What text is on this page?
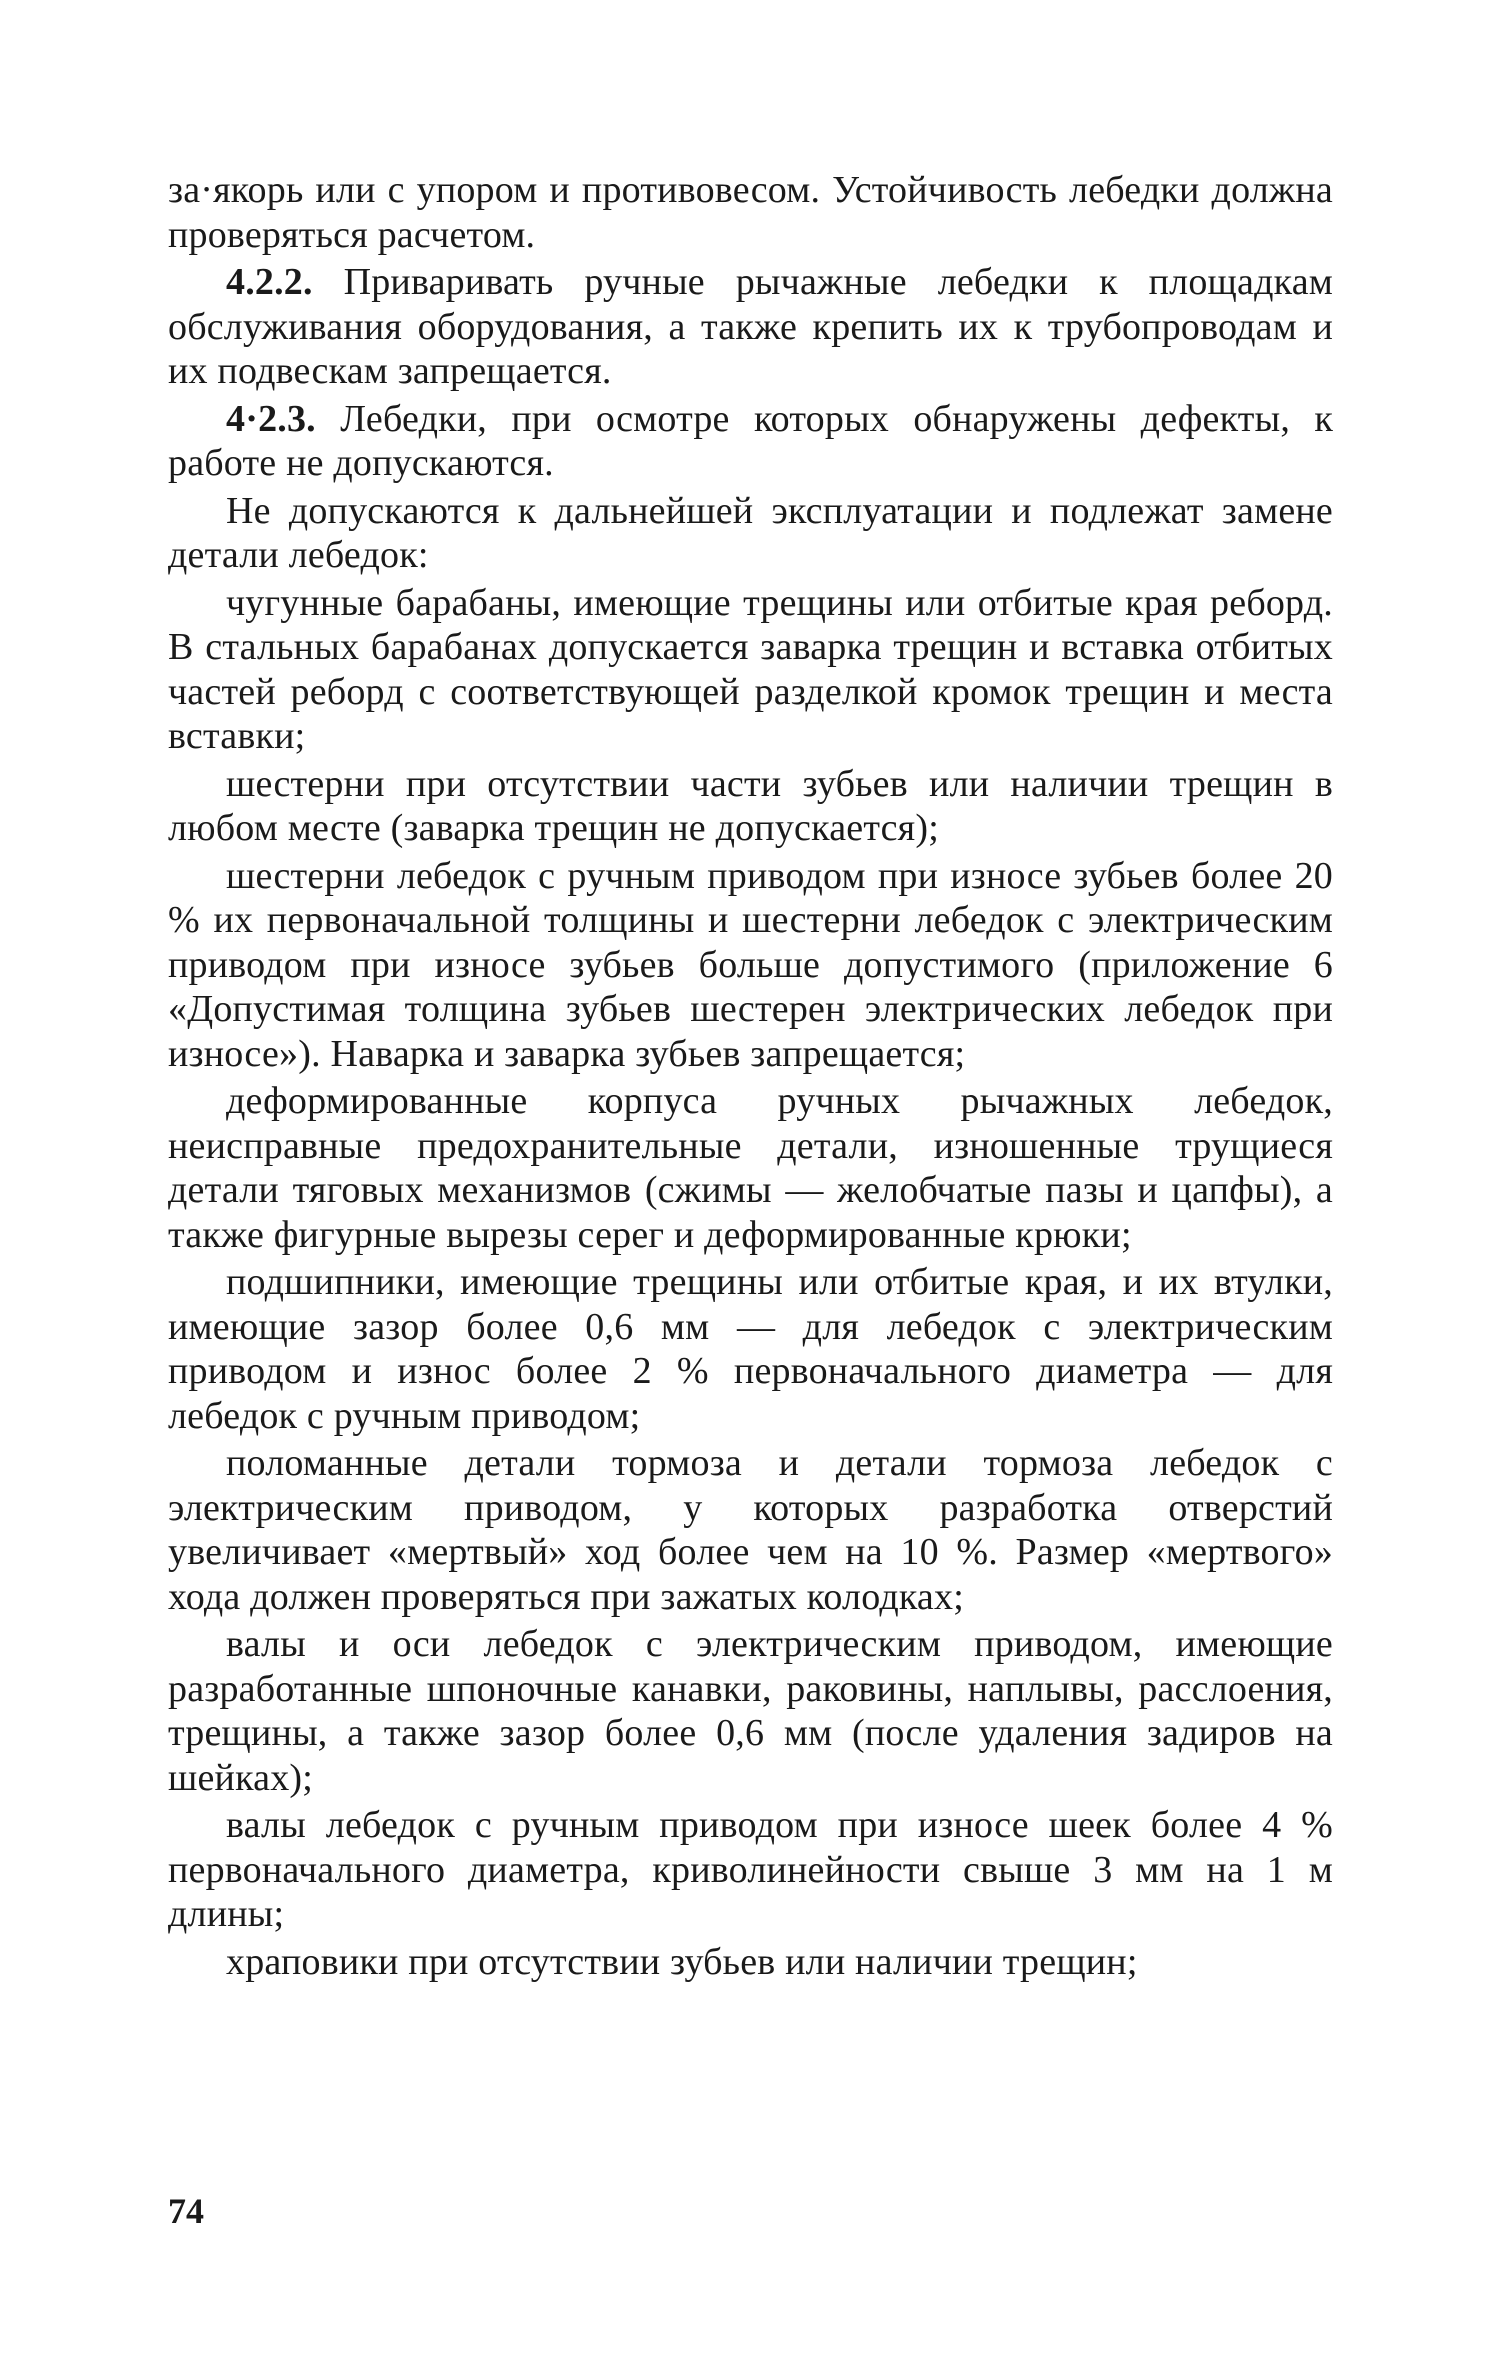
за·якорь или с упором и противовесом. Устойчивость лебедки должна проверяться расчетом.

4.2.2. Приваривать ручные рычажные лебедки к площадкам обслуживания оборудования, а также крепить их к трубопроводам и их подвескам запрещается.

4·2.3. Лебедки, при осмотре которых обнаружены дефекты, к работе не допускаются.

Не допускаются к дальнейшей эксплуатации и подлежат замене детали лебедок:

чугунные барабаны, имеющие трещины или отбитые края реборд. В стальных барабанах допускается заварка трещин и вставка отбитых частей реборд с соответствующей разделкой кромок трещин и места вставки;

шестерни при отсутствии части зубьев или наличии трещин в любом месте (заварка трещин не допускается);

шестерни лебедок с ручным приводом при износе зубьев более 20 % их первоначальной толщины и шестерни лебедок с электрическим приводом при износе зубьев больше допустимого (приложение 6 «Допустимая толщина зубьев шестерен электрических лебедок при износе»). Наварка и заварка зубьев запрещается;

деформированные корпуса ручных рычажных лебедок, неисправные предохранительные детали, изношенные трущиеся детали тяговых механизмов (сжимы — желобчатые пазы и цапфы), а также фигурные вырезы серег и деформированные крюки;

подшипники, имеющие трещины или отбитые края, и их втулки, имеющие зазор более 0,6 мм — для лебедок с электрическим приводом и износ более 2 % первоначального диаметра — для лебедок с ручным приводом;

поломанные детали тормоза и детали тормоза лебедок с электрическим приводом, у которых разработка отверстий увеличивает «мертвый» ход более чем на 10 %. Размер «мертвого» хода должен проверяться при зажатых колодках;

валы и оси лебедок с электрическим приводом, имеющие разработанные шпоночные канавки, раковины, наплывы, расслоения, трещины, а также зазор более 0,6 мм (после удаления задиров на шейках);

валы лебедок с ручным приводом при износе шеек более 4 % первоначального диаметра, криволинейности свыше 3 мм на 1 м длины;

храповики при отсутствии зубьев или наличии трещин;

74
